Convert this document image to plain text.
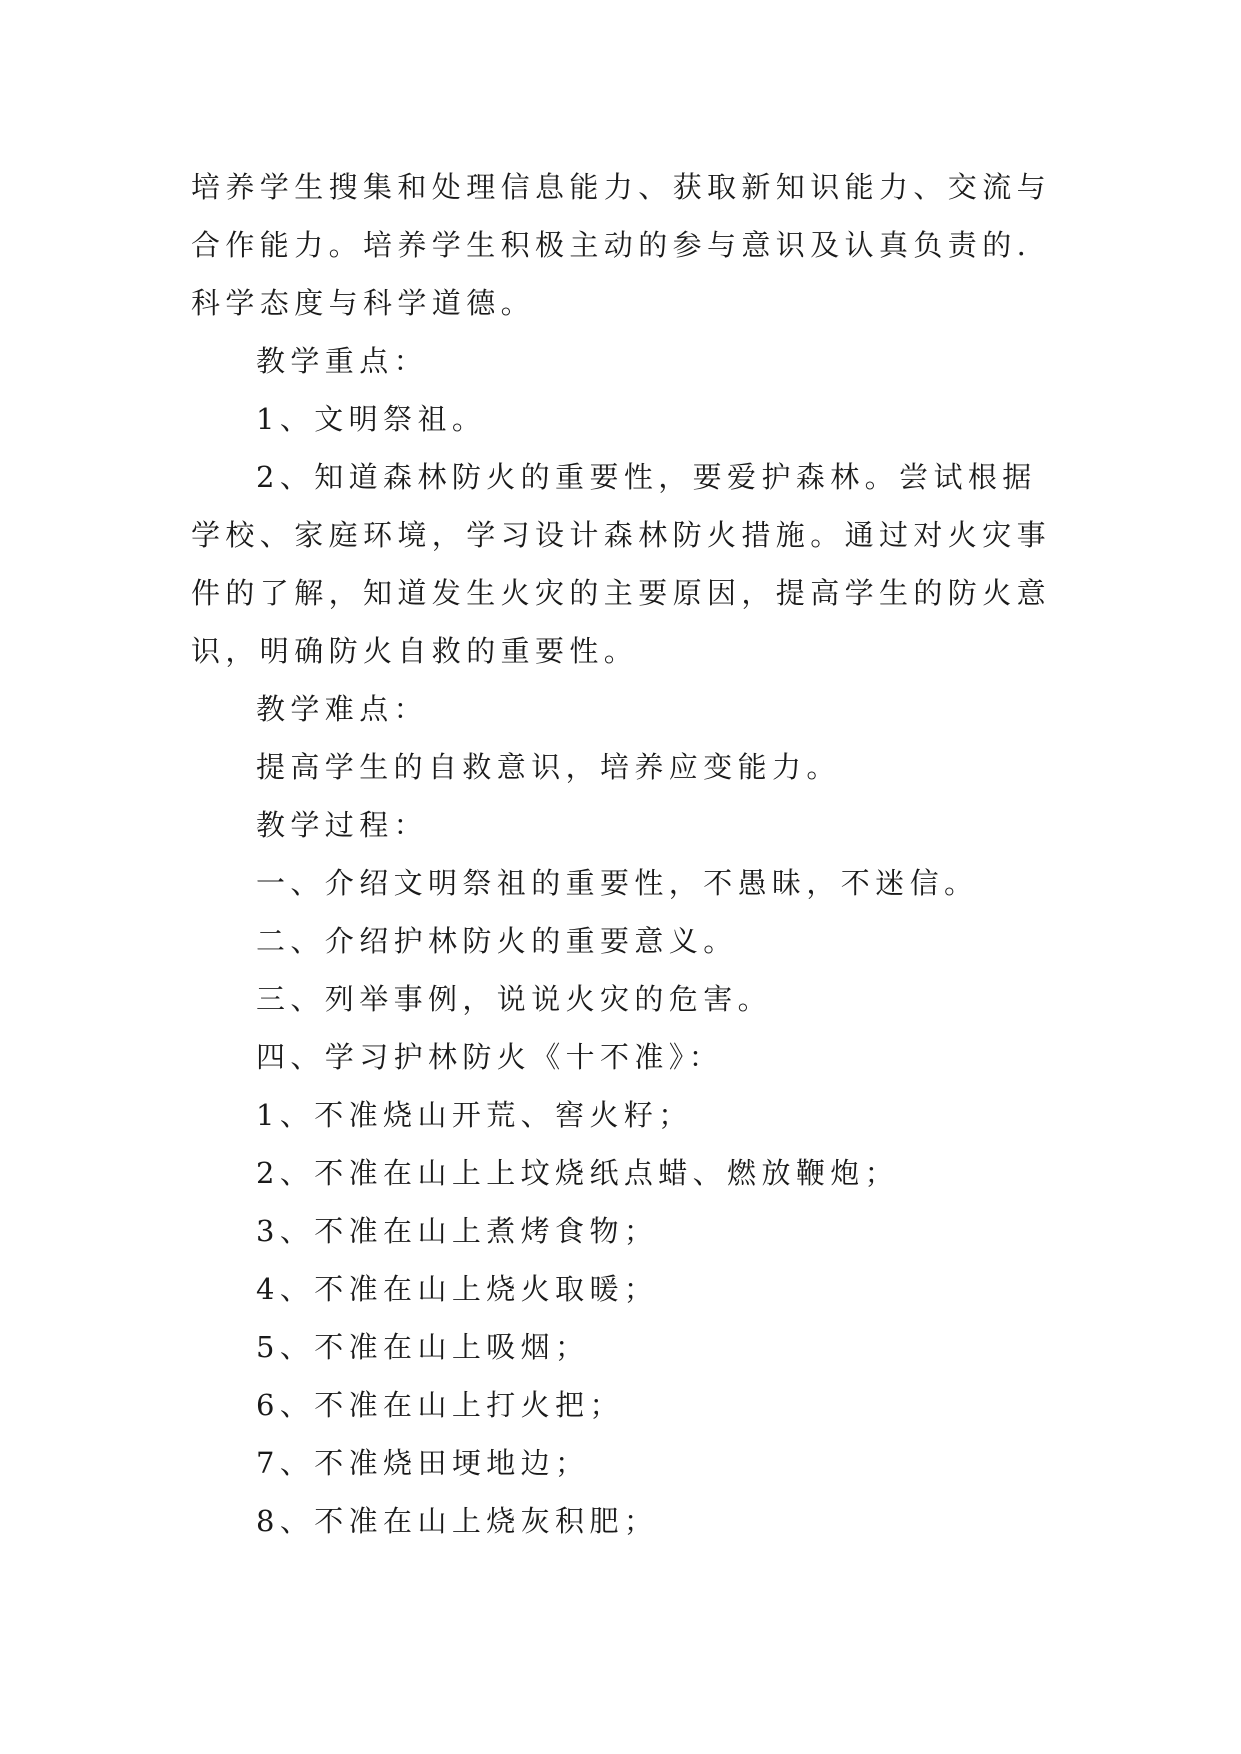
培养学生搜集和处理信息能力、获取新知识能力、交流与合作能力。培养学生积极主动的参与意识及认真负责的.科学态度与科学道德。

教学重点：

1、文明祭祖。

2、知道森林防火的重要性，要爱护森林。尝试根据学校、家庭环境，学习设计森林防火措施。通过对火灾事件的了解，知道发生火灾的主要原因，提高学生的防火意识，明确防火自救的重要性。

教学难点：

提高学生的自救意识，培养应变能力。

教学过程：

一、介绍文明祭祖的重要性，不愚昧，不迷信。

二、介绍护林防火的重要意义。

三、列举事例，说说火灾的危害。

四、学习护林防火《十不准》：

1、不准烧山开荒、窖火籽；

2、不准在山上上坟烧纸点蜡、燃放鞭炮；

3、不准在山上煮烤食物；

4、不准在山上烧火取暖；

5、不准在山上吸烟；

6、不准在山上打火把；

7、不准烧田埂地边；

8、不准在山上烧灰积肥；
